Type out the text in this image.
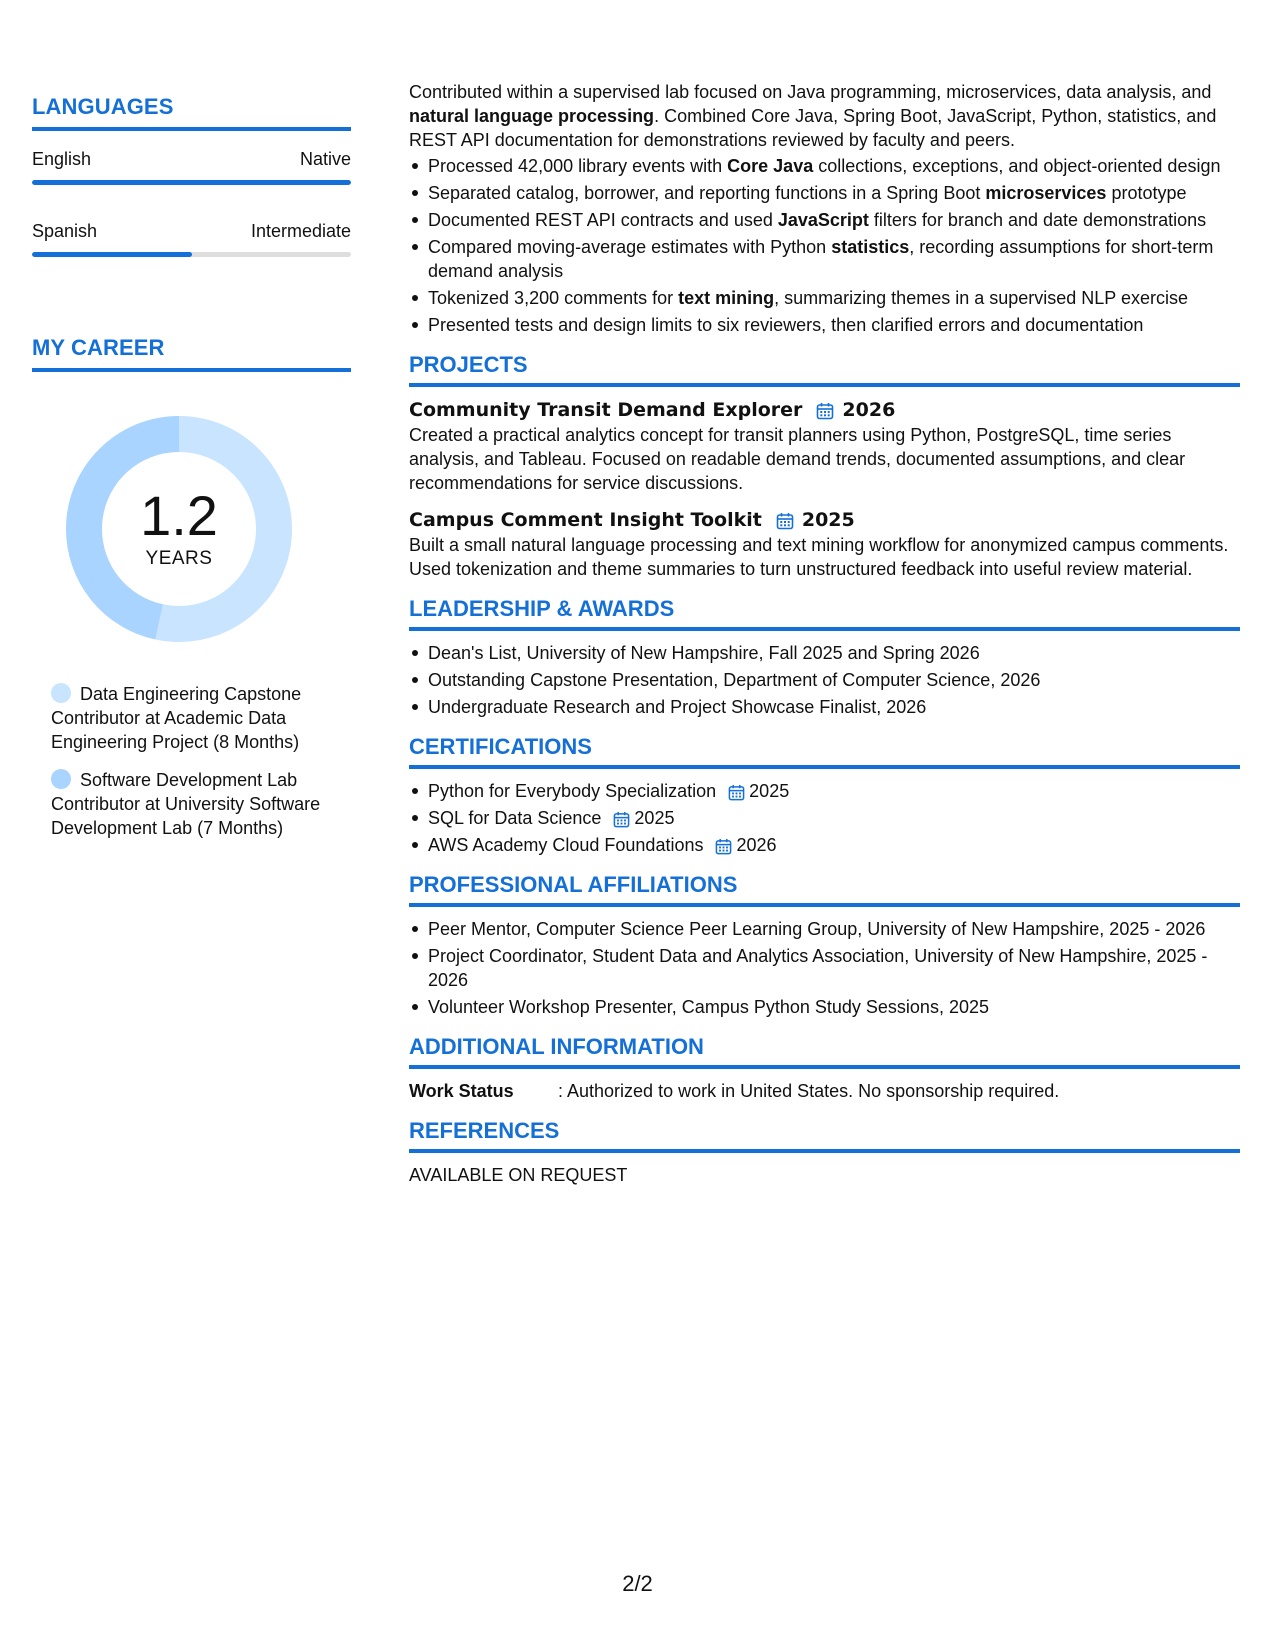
LANGUAGES
English	Native
Spanish	Intermediate
MY CAREER
1.2
YEARS
Data Engineering Capstone Contributor at Academic Data Engineering Project (8 Months)
Software Development Lab Contributor at University Software Development Lab (7 Months)

Contributed within a supervised lab focused on Java programming, microservices, data analysis, and natural language processing. Combined Core Java, Spring Boot, JavaScript, Python, statistics, and REST API documentation for demonstrations reviewed by faculty and peers.

Processed 42,000 library events with Core Java collections, exceptions, and object-oriented design
Separated catalog, borrower, and reporting functions in a Spring Boot microservices prototype
Documented REST API contracts and used JavaScript filters for branch and date demonstrations
Compared moving-average estimates with Python statistics, recording assumptions for short-term demand analysis
Tokenized 3,200 comments for text mining, summarizing themes in a supervised NLP exercise
Presented tests and design limits to six reviewers, then clarified errors and documentation
PROJECTS
Community Transit Demand Explorer 2026

Created a practical analytics concept for transit planners using Python, PostgreSQL, time series analysis, and Tableau. Focused on readable demand trends, documented assumptions, and clear recommendations for service discussions.

Campus Comment Insight Toolkit 2025

Built a small natural language processing and text mining workflow for anonymized campus comments. Used tokenization and theme summaries to turn unstructured feedback into useful review material.

LEADERSHIP & AWARDS
Dean's List, University of New Hampshire, Fall 2025 and Spring 2026
Outstanding Capstone Presentation, Department of Computer Science, 2026
Undergraduate Research and Project Showcase Finalist, 2026
CERTIFICATIONS
Python for Everybody Specialization 2025
SQL for Data Science 2025
AWS Academy Cloud Foundations 2026
PROFESSIONAL AFFILIATIONS
Peer Mentor, Computer Science Peer Learning Group, University of New Hampshire, 2025 - 2026
Project Coordinator, Student Data and Analytics Association, University of New Hampshire, 2025 - 2026
Volunteer Workshop Presenter, Campus Python Study Sessions, 2025
ADDITIONAL INFORMATION
Work Status	: Authorized to work in United States. No sponsorship required.
REFERENCES

AVAILABLE ON REQUEST

2/2
